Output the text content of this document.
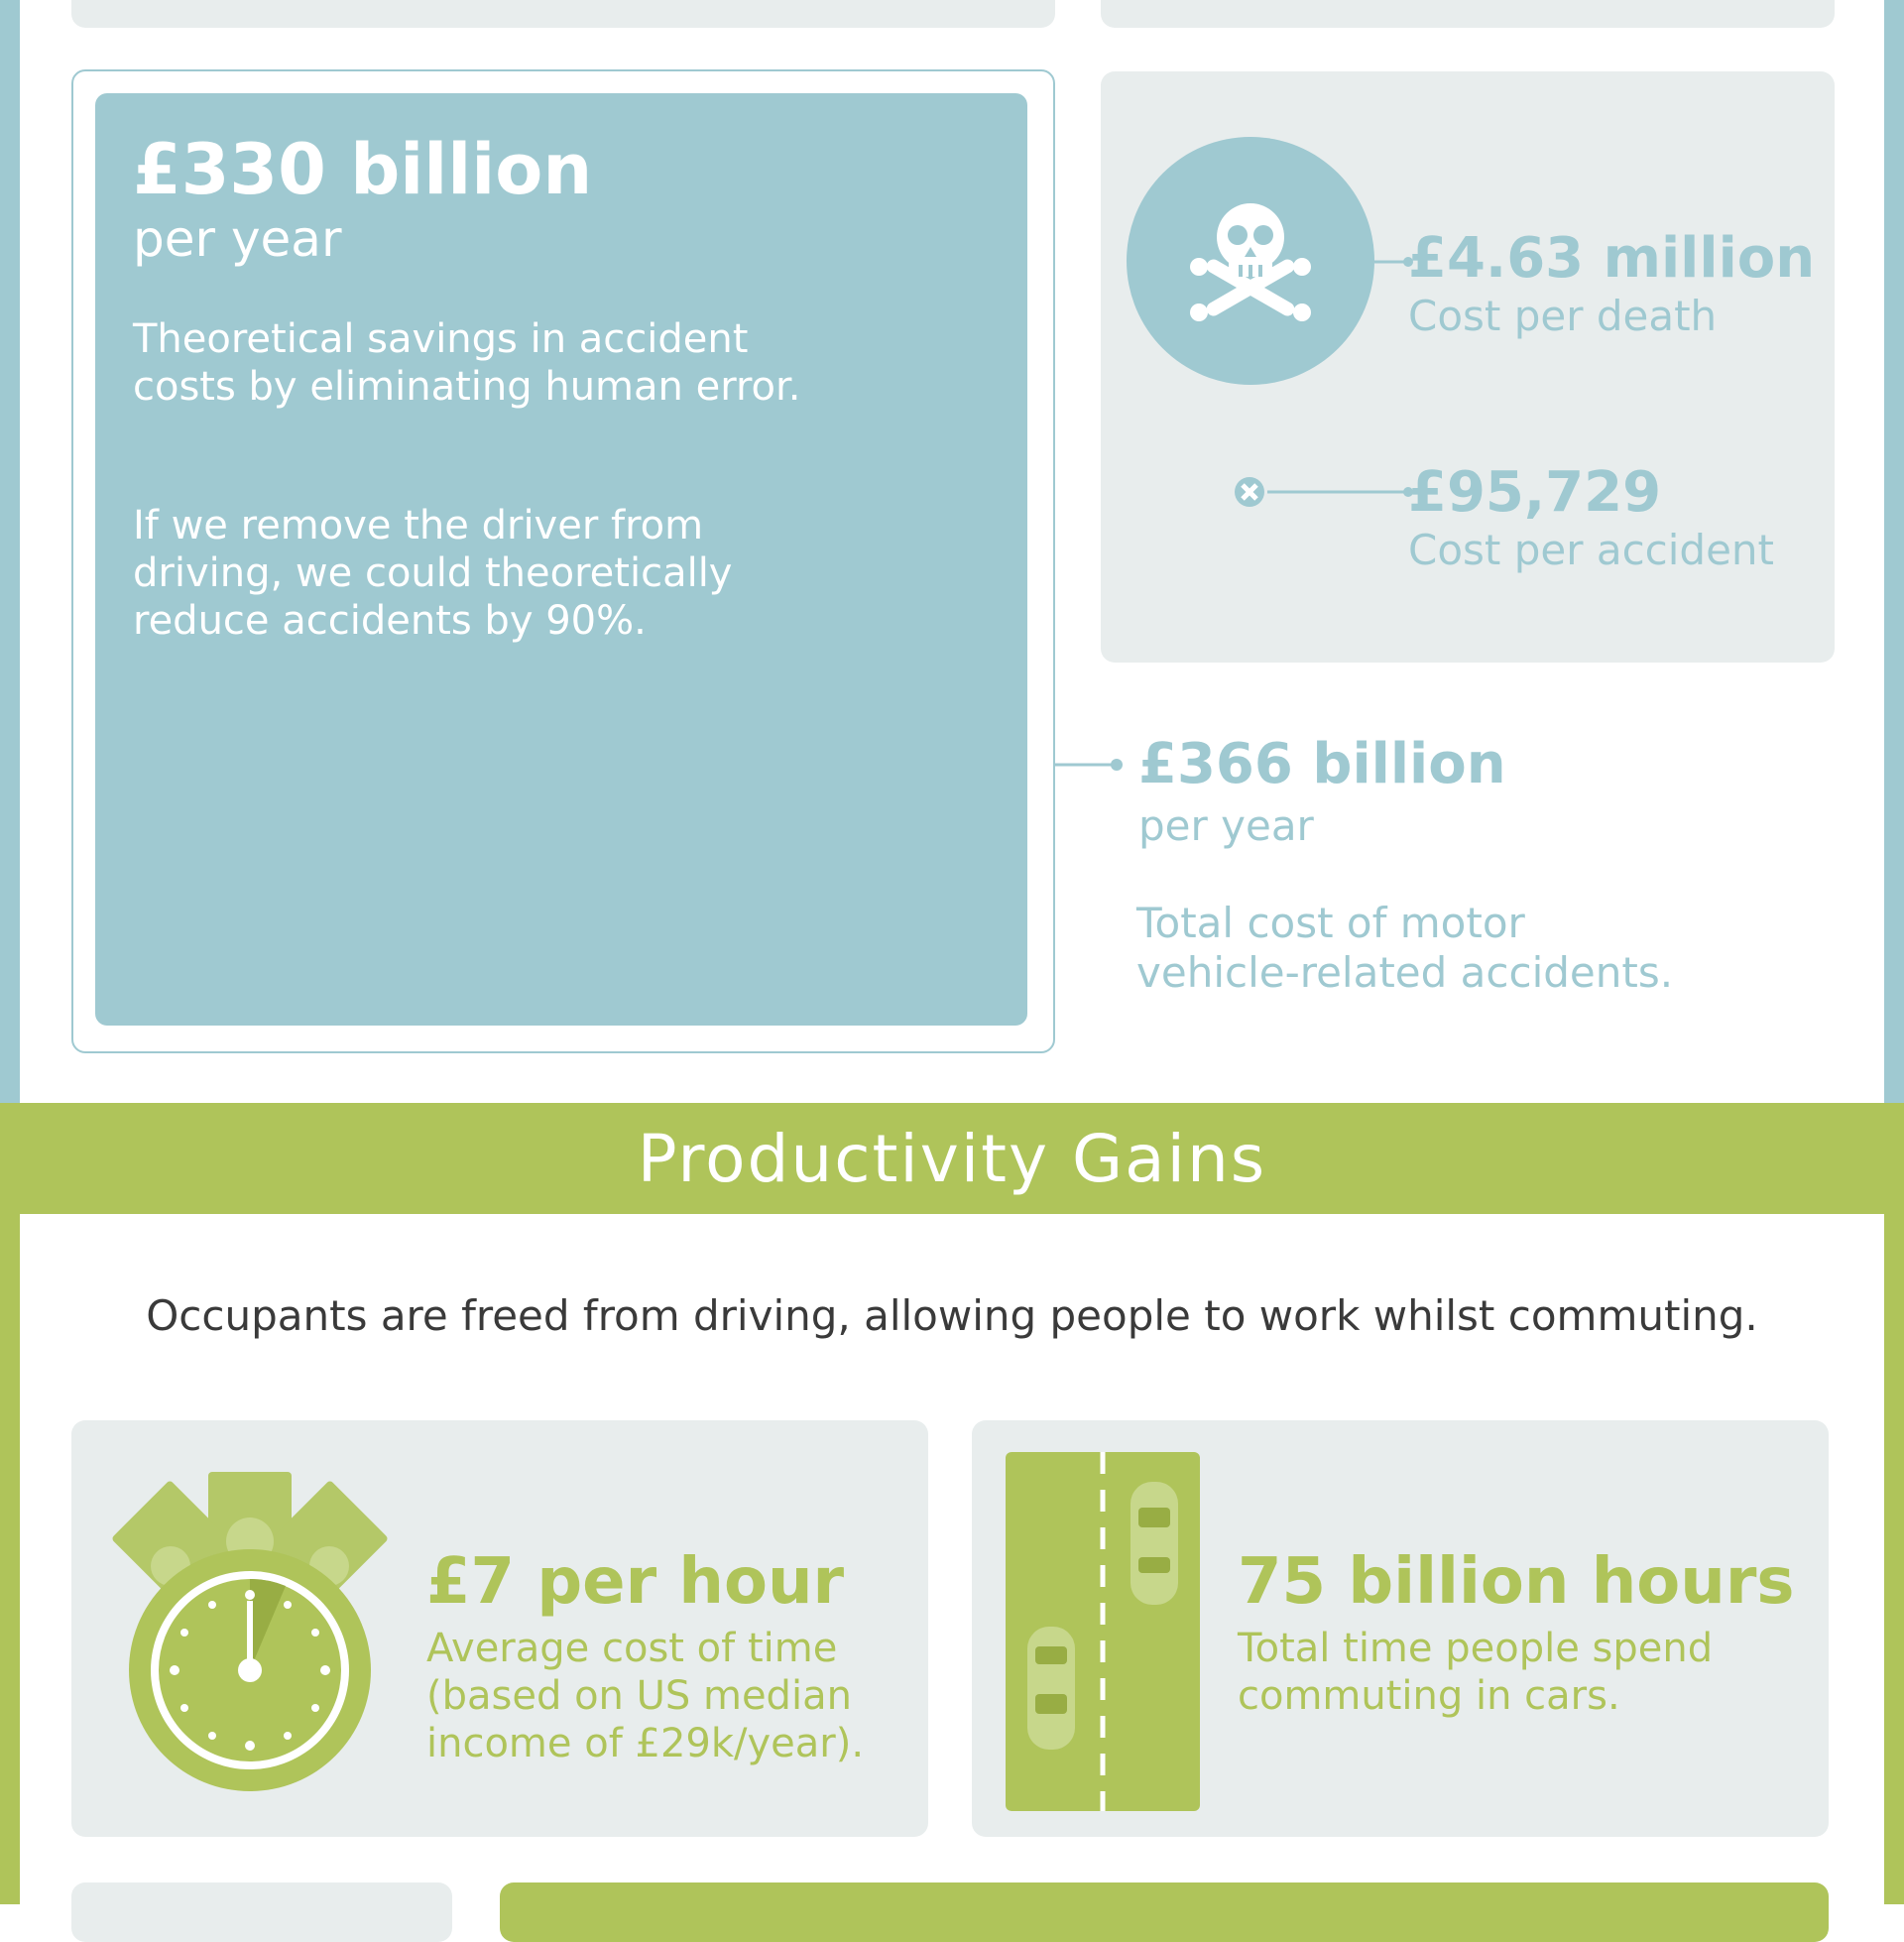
£330 billion
per year
Theoretical savings in accident
costs by eliminating human error.
If we remove the driver from
driving, we could theoretically
reduce accidents by 90%.
£4.63 million
Cost per death
£95,729
Cost per accident
£366 billion
per year
Total cost of motor
vehicle-related accidents.
Productivity Gains
Occupants are freed from driving, allowing people to work whilst commuting.
£7 per hour
Average cost of time
(based on US median
income of £29k/year).
75 billion hours
Total time people spend
commuting in cars.
